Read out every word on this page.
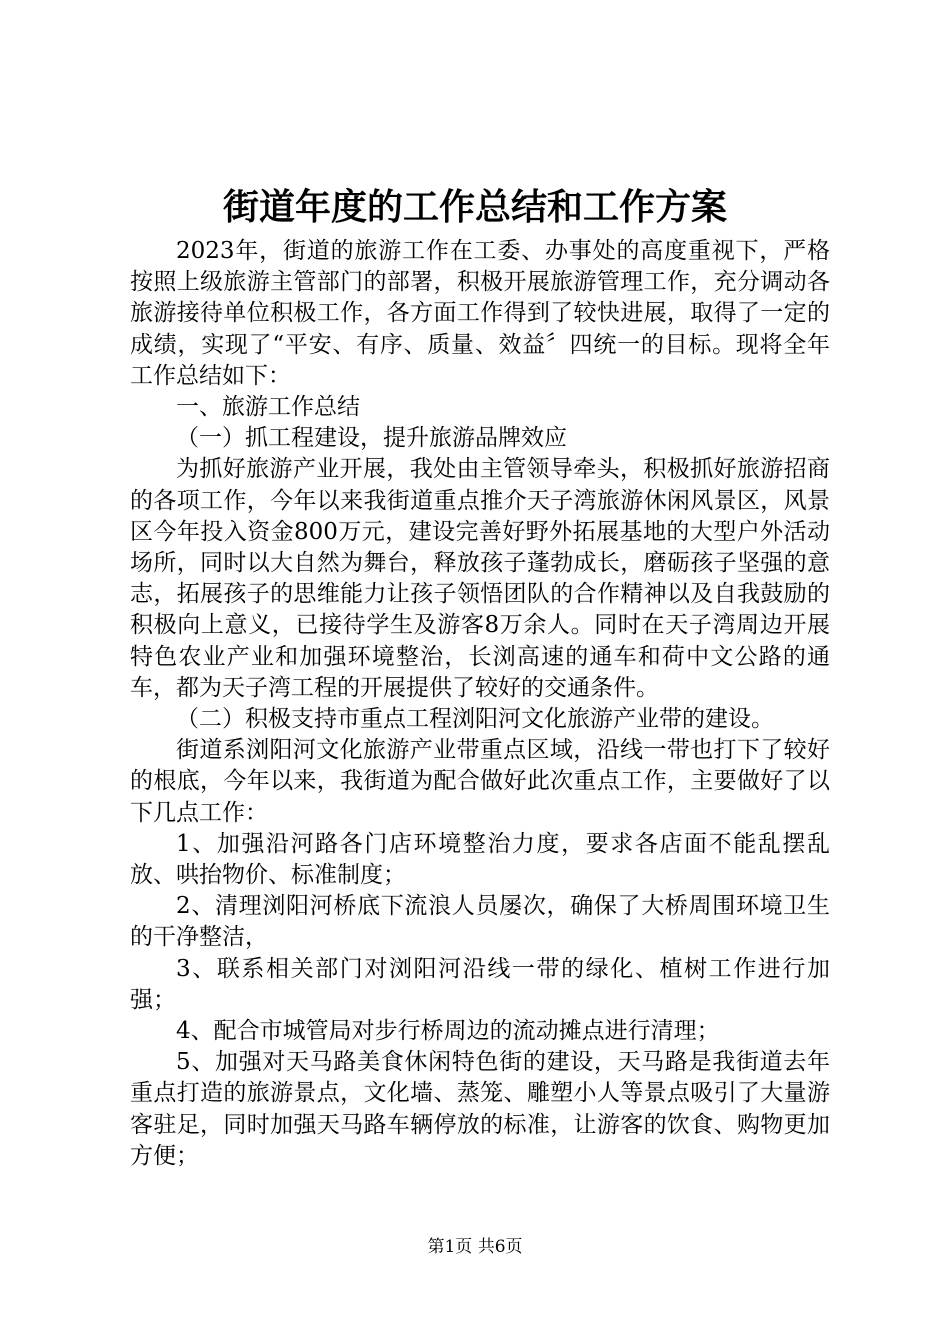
街道年度的工作总结和工作方案

2023年，街道的旅游工作在工委、办事处的高度重视下，严格按照上级旅游主管部门的部署，积极开展旅游管理工作，充分调动各旅游接待单位积极工作，各方面工作得到了较快进展，取得了一定的成绩，实现了“平安、有序、质量、效益〞四统一的目标。现将全年工作总结如下：

一、旅游工作总结

（一）抓工程建设，提升旅游品牌效应

为抓好旅游产业开展，我处由主管领导牵头，积极抓好旅游招商的各项工作，今年以来我街道重点推介天子湾旅游休闲风景区，风景区今年投入资金800万元，建设完善好野外拓展基地的大型户外活动场所，同时以大自然为舞台，释放孩子蓬勃成长，磨砺孩子坚强的意志，拓展孩子的思维能力让孩子领悟团队的合作精神以及自我鼓励的积极向上意义，已接待学生及游客8万余人。同时在天子湾周边开展特色农业产业和加强环境整治，长浏高速的通车和荷中文公路的通车，都为天子湾工程的开展提供了较好的交通条件。

（二）积极支持市重点工程浏阳河文化旅游产业带的建设。

街道系浏阳河文化旅游产业带重点区域，沿线一带也打下了较好的根底，今年以来，我街道为配合做好此次重点工作，主要做好了以下几点工作：

1、加强沿河路各门店环境整治力度，要求各店面不能乱摆乱放、哄抬物价、标准制度；

2、清理浏阳河桥底下流浪人员屡次，确保了大桥周围环境卫生的干净整洁，

3、联系相关部门对浏阳河沿线一带的绿化、植树工作进行加强；

4、配合市城管局对步行桥周边的流动摊点进行清理；

5、加强对天马路美食休闲特色街的建设，天马路是我街道去年重点打造的旅游景点，文化墙、蒸笼、雕塑小人等景点吸引了大量游客驻足，同时加强天马路车辆停放的标准，让游客的饮食、购物更加方便；

第1页 共6页
